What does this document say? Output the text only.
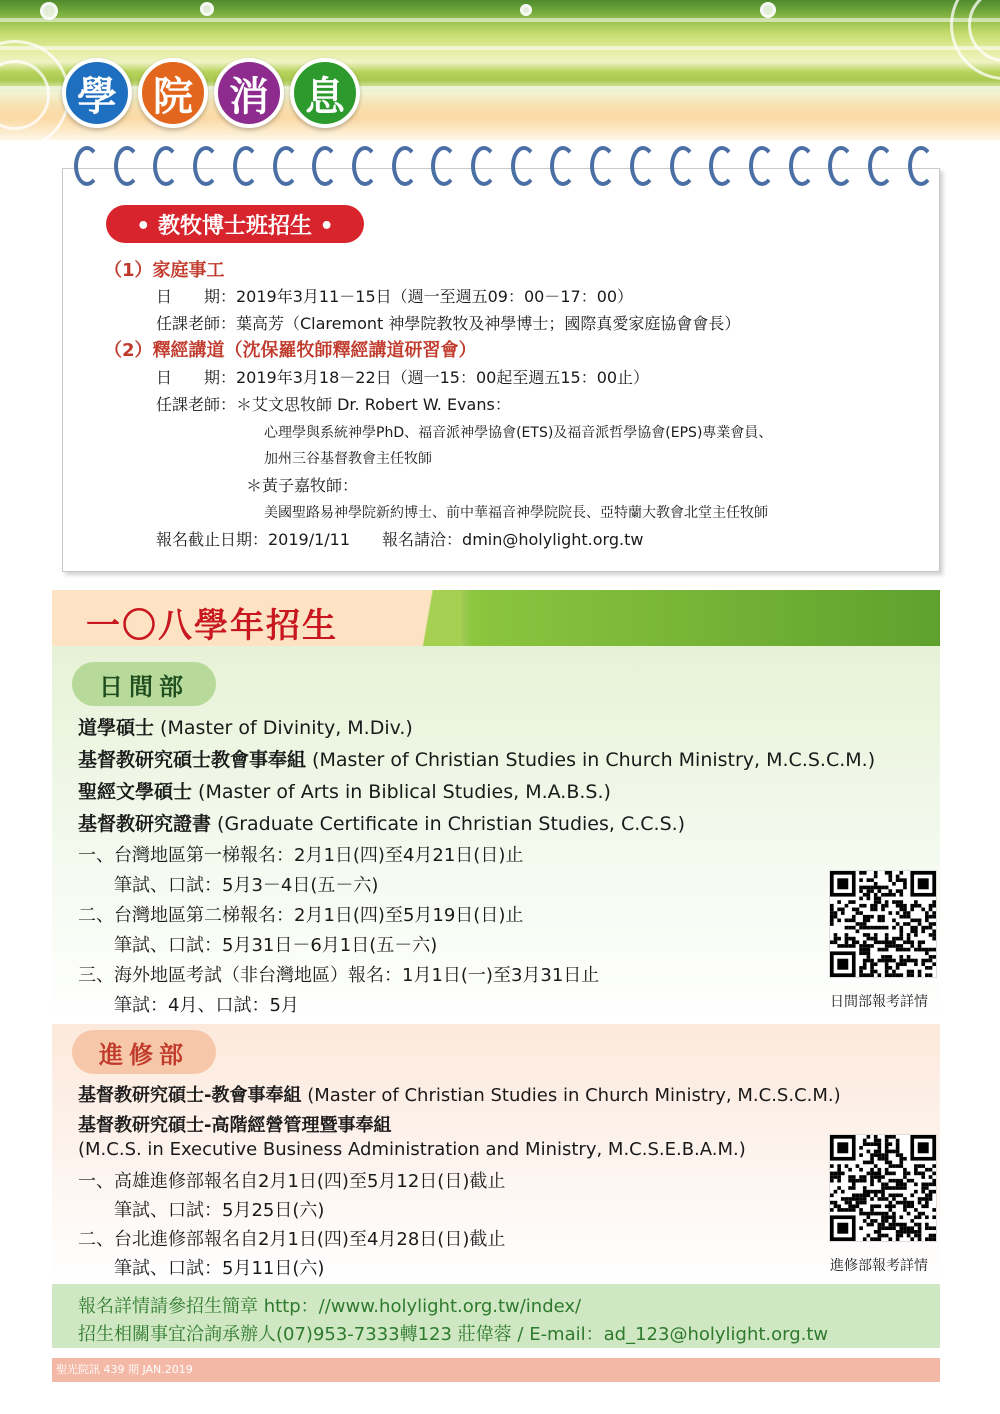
學 院 消 息
• 教牧博士班招生 •
（1）家庭事工
日　　期：2019年3月11－15日（週一至週五09：00－17：00）
任課老師：葉高芳（Claremont 神學院教牧及神學博士；國際真愛家庭協會會長）
（2）釋經講道（沈保羅牧師釋經講道研習會）
日　　期：2019年3月18－22日（週一15：00起至週五15：00止）
任課老師：＊艾文思牧師 Dr. Robert W. Evans：
心理學與系統神學PhD、福音派神學協會(ETS)及福音派哲學協會(EPS)專業會員、
加州三谷基督教會主任牧師
＊黃子嘉牧師：
美國聖路易神學院新約博士、前中華福音神學院院長、亞特蘭大教會北堂主任牧師
報名截止日期：2019/1/11　　報名請洽：dmin@holylight.org.tw
一〇八學年招生
日間部
道學碩士 (Master of Divinity, M.Div.)
基督教研究碩士教會事奉組 (Master of Christian Studies in Church Ministry, M.C.S.C.M.)
聖經文學碩士 (Master of Arts in Biblical Studies, M.A.B.S.)
基督教研究證書 (Graduate Certificate in Christian Studies, C.C.S.)
一、台灣地區第一梯報名：2月1日(四)至4月21日(日)止
　　筆試、口試：5月3－4日(五－六)
二、台灣地區第二梯報名：2月1日(四)至5月19日(日)止
　　筆試、口試：5月31日－6月1日(五－六)
三、海外地區考試（非台灣地區）報名：1月1日(一)至3月31日止
　　筆試：4月、口試：5月	日間部報考詳情
進修部
基督教研究碩士-教會事奉組 (Master of Christian Studies in Church Ministry, M.C.S.C.M.)
基督教研究碩士-高階經營管理暨事奉組
(M.C.S. in Executive Business Administration and Ministry, M.C.S.E.B.A.M.)
一、高雄進修部報名自2月1日(四)至5月12日(日)截止
　　筆試、口試：5月25日(六)
二、台北進修部報名自2月1日(四)至4月28日(日)截止
　　筆試、口試：5月11日(六)	進修部報考詳情
報名詳情請參招生簡章 http：//www.holylight.org.tw/index/
招生相關事宜洽詢承辦人(07)953-7333轉123 莊偉蓉 / E-mail：ad_123@holylight.org.tw
聖光院訊 439 期 JAN.2019
